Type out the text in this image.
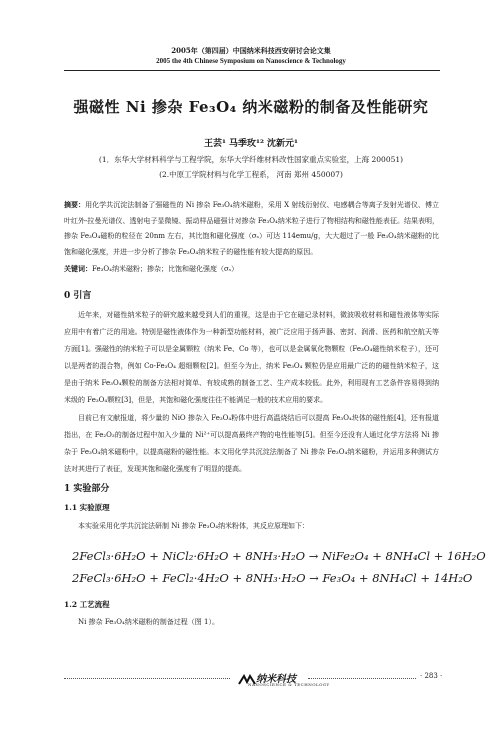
2005年（第四届）中国纳米科技西安研讨会论文集
2005 the 4th Chinese Symposium on Nanoscience & Technology
强磁性 Ni 掺杂 Fe₃O₄ 纳米磁粉的制备及性能研究
王芸¹ 马季玫¹² 沈新元¹
(1．东华大学材料科学与工程学院，东华大学纤维材料改性国家重点实验室，上海 200051)
(2.中原工学院材料与化学工程系， 河南 郑州 450007)
摘要：用化学共沉淀法制备了强磁性的 Ni 掺杂 Fe₃O₄纳米磁粉，采用 X 射线衍射仪、电感耦合等离子发射光谱仪、傅立叶红外-拉曼光谱仪、透射电子显微镜、振动样品磁强计对掺杂 Fe₃O₄纳米粒子进行了物相结构和磁性能表征。结果表明，掺杂 Fe₃O₄磁粉的粒径在 20nm 左右，其比饱和磁化强度（σₛ）可达 114emu/g，大大超过了一般 Fe₃O₄纳米磁粉的比饱和磁化强度，并进一步分析了掺杂 Fe₃O₄纳米粒子的磁性能有较大提高的原因。
关键词：Fe₃O₄纳米磁粉；掺杂；比饱和磁化强度（σₛ）
0 引言
近年来，对磁性纳米粒子的研究越来越受到人们的重视，这是由于它在磁记录材料，微波吸收材料和磁性液体等实际应用中有着广泛的用途。特别是磁性液体作为一种新型功能材料，被广泛应用于扬声器、密封、润滑、医药和航空航天等方面[1]。强磁性的纳米粒子可以是金属颗粒（纳米 Fe、Co 等），也可以是金属氧化物颗粒（Fe₃O₄磁性纳米粒子），还可以是两者的混合物，例如 Co-Fe₃O₄ 超细颗粒[2]。但至今为止，纳米 Fe₃O₄ 颗粒仍是应用最广泛的的磁性纳米粒子，这是由于纳米 Fe₃O₄颗粒的制备方法相对简单、有较成熟的制备工艺、生产成本较低。此外，利用现有工艺条件容易得到纳米级的 Fe₃O₄颗粒[3]，但是，其饱和磁化强度往往不能满足一般的技术应用的要求。
目前已有文献报道，将少量的 NiO 掺杂入 Fe₃O₄粉体中进行高温烧结后可以提高 Fe₃O₄块体的磁性能[4]，还有报道指出，在 Fe₂O₃的制备过程中加入少量的 Ni²⁺可以提高最终产物的电性能等[5]。但至今还没有人通过化学方法将 Ni 掺杂于 Fe₃O₄纳米磁粉中，以提高磁粉的磁性能。本文用化学共沉淀法制备了 Ni 掺杂 Fe₃O₄纳米磁粉，并运用多种测试方法对其进行了表征，发现其饱和磁化强度有了明显的提高。
1 实验部分
1.1 实验原理
本实验采用化学共沉淀法研制 Ni 掺杂 Fe₃O₄纳米粉体，其反应原理如下：
2FeCl₃·6H₂O + NiCl₂·6H₂O + 8NH₃·H₂O → NiFe₂O₄ + 8NH₄Cl + 16H₂O
2FeCl₃·6H₂O + FeCl₂·4H₂O + 8NH₃·H₂O → Fe₃O₄ + 8NH₄Cl + 14H₂O
1.2 工艺流程
Ni 掺杂 Fe₃O₄纳米磁粉的制备过程（图 1）。
纳米科技
NANOSCIENCE & TECHNOLOGY
· 283 ·
